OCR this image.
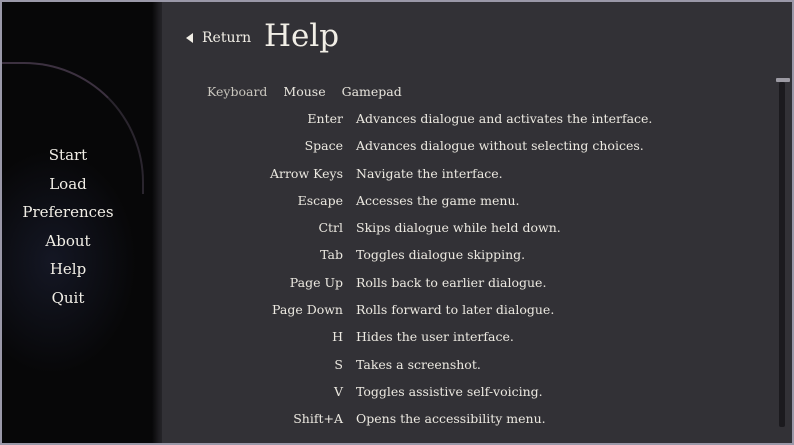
Start
Load
Preferences
About
Help
Quit
Return Help
Keyboard Mouse Gamepad
Enter Advances dialogue and activates the interface.
Space Advances dialogue without selecting choices.
Arrow Keys Navigate the interface.
Escape Accesses the game menu.
Ctrl Skips dialogue while held down.
Tab Toggles dialogue skipping.
Page Up Rolls back to earlier dialogue.
Page Down Rolls forward to later dialogue.
H Hides the user interface.
S Takes a screenshot.
V Toggles assistive self-voicing.
Shift+A Opens the accessibility menu.
